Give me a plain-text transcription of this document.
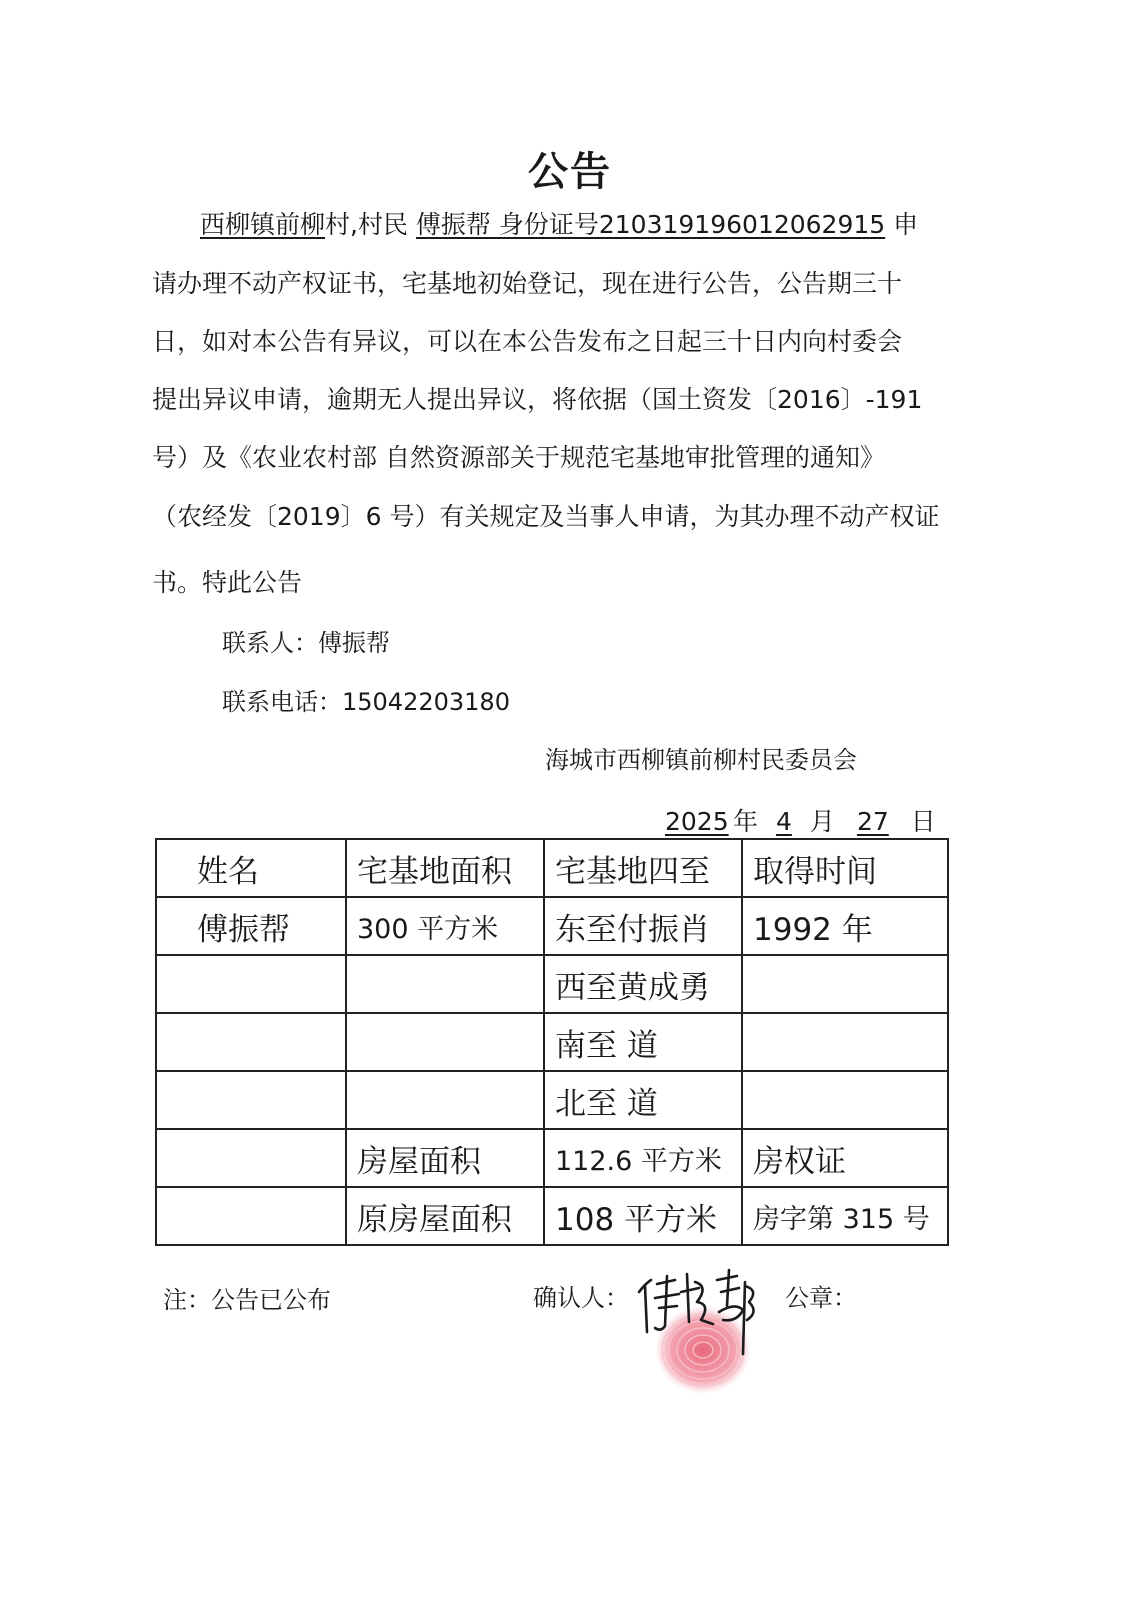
公告
西柳镇前柳村,村民 傅振帮 身份证号210319196012062915 申
请办理不动产权证书，宅基地初始登记，现在进行公告，公告期三十
日，如对本公告有异议，可以在本公告发布之日起三十日内向村委会
提出异议申请，逾期无人提出异议，将依据（国土资发〔2016〕-191
号）及《农业农村部 自然资源部关于规范宅基地审批管理的通知》
（农经发〔2019〕6 号）有关规定及当事人申请，为其办理不动产权证
书。特此公告
联系人：傅振帮
联系电话：15042203180
海城市西柳镇前柳村民委员会
2025 年 4 月 27 日
姓名	宅基地面积	宅基地四至	取得时间
傅振帮	300 平方米	东至付振肖	1992 年
		西至黄成勇	
		南至 道	
		北至 道	
	房屋面积	112.6 平方米	房权证
	原房屋面积	108 平方米	房字第 315 号
注：公告已公布	确认人：	公章：
